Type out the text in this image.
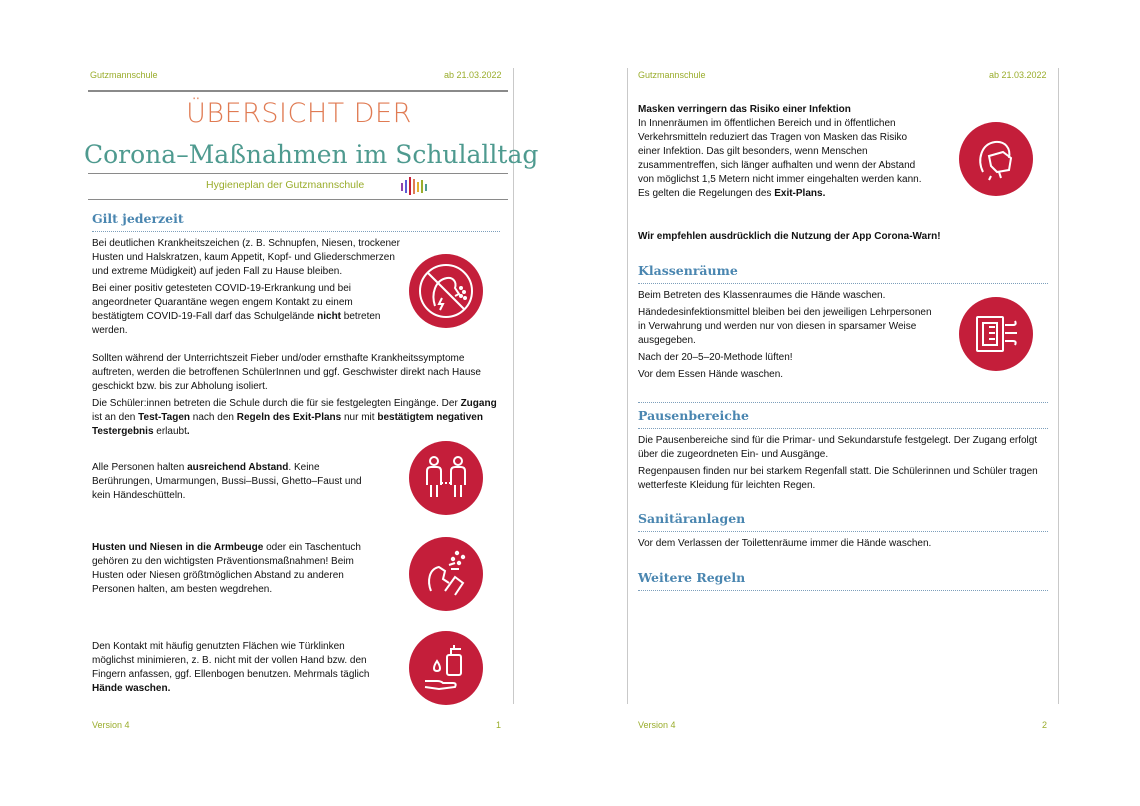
Gutzmannschule	ab 21.03.2022
ÜBERSICHT DER
Corona–Maßnahmen im Schulalltag
Hygieneplan der Gutzmannschule
Gilt jederzeit

Bei deutlichen Krankheitszeichen (z. B. Schnupfen, Niesen, trockener Husten und Halskratzen, kaum Appetit, Kopf- und Gliederschmerzen und extreme Müdigkeit) auf jeden Fall zu Hause bleiben.

Bei einer positiv getesteten COVID-19-Erkrankung und bei angeordneter Quarantäne wegen engem Kontakt zu einem bestätigtem COVID-19-Fall darf das Schulgelände nicht betreten werden.

Sollten während der Unterrichtszeit Fieber und/oder ernsthafte Krankheitssymptome auftreten, werden die betroffenen SchülerInnen und ggf. Geschwister direkt nach Hause geschickt bzw. bis zur Abholung isoliert.

Die Schüler:innen betreten die Schule durch die für sie festgelegten Eingänge. Der Zugang ist an den Test-Tagen nach den Regeln des Exit-Plans nur mit bestätigtem negativen Testergebnis erlaubt.

Alle Personen halten ausreichend Abstand. Keine Berührungen, Umarmungen, Bussi–Bussi, Ghetto–Faust und kein Händeschütteln.

Husten und Niesen in die Armbeuge oder ein Taschentuch gehören zu den wichtigsten Präventionsmaßnahmen! Beim Husten oder Niesen größtmöglichen Abstand zu anderen Personen halten, am besten wegdrehen.

Den Kontakt mit häufig genutzten Flächen wie Türklinken möglichst minimieren, z. B. nicht mit der vollen Hand bzw. den Fingern anfassen, ggf. Ellenbogen benutzen. Mehrmals täglich Hände waschen.

Version 4	1
Gutzmannschule	ab 21.03.2022

Masken verringern das Risiko einer Infektion

In Innenräumen im öffentlichen Bereich und in öffentlichen Verkehrsmitteln reduziert das Tragen von Masken das Risiko einer Infektion. Das gilt besonders, wenn Menschen zusammentreffen, sich länger aufhalten und wenn der Abstand von möglichst 1,5 Metern nicht immer eingehalten werden kann. Es gelten die Regelungen des Exit-Plans.

Wir empfehlen ausdrücklich die Nutzung der App Corona-Warn!

Klassenräume

Beim Betreten des Klassenraumes die Hände waschen.

Händedesinfektionsmittel bleiben bei den jeweiligen Lehrpersonen in Verwahrung und werden nur von diesen in sparsamer Weise ausgegeben.

Nach der 20–5–20-Methode lüften!

Vor dem Essen Hände waschen.

Pausenbereiche

Die Pausenbereiche sind für die Primar- und Sekundarstufe festgelegt. Der Zugang erfolgt über die zugeordneten Ein- und Ausgänge.

Regenpausen finden nur bei starkem Regenfall statt. Die Schülerinnen und Schüler tragen wetterfeste Kleidung für leichten Regen.

Sanitäranlagen

Vor dem Verlassen der Toilettenräume immer die Hände waschen.

Weitere Regeln
Version 4	2
